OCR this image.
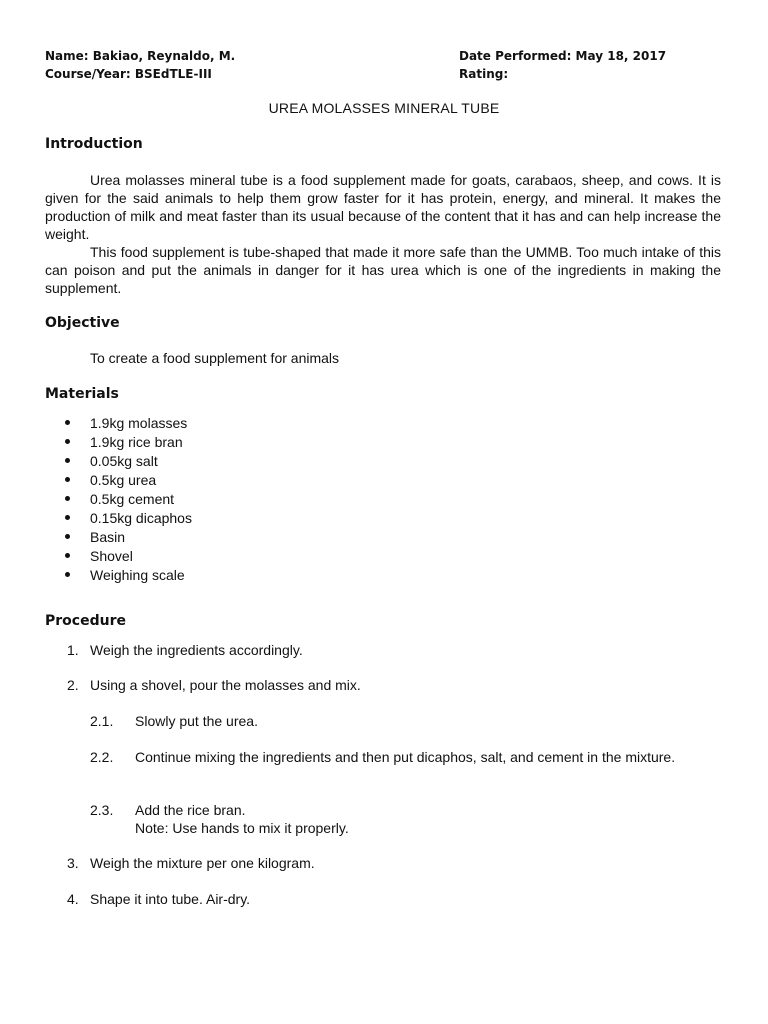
Name: Bakiao, Reynaldo, M.
Course/Year: BSEdTLE-III
Date Performed: May 18, 2017
Rating:
UREA MOLASSES MINERAL TUBE
Introduction
Urea molasses mineral tube is a food supplement made for goats, carabaos, sheep, and cows. It is given for the said animals to help them grow faster for it has protein, energy, and mineral. It makes the production of milk and meat faster than its usual because of the content that it has and can help increase the weight.
This food supplement is tube-shaped that made it more safe than the UMMB. Too much intake of this can poison and put the animals in danger for it has urea which is one of the ingredients in making the supplement.
Objective
To create a food supplement for animals
Materials
1.9kg molasses
1.9kg rice bran
0.05kg salt
0.5kg urea
0.5kg cement
0.15kg dicaphos
Basin
Shovel
Weighing scale
Procedure
1. Weigh the ingredients accordingly.
2. Using a shovel, pour the molasses and mix.
2.1. Slowly put the urea.
2.2. Continue mixing the ingredients and then put dicaphos, salt, and cement in the mixture.
2.3. Add the rice bran.
Note: Use hands to mix it properly.
3. Weigh the mixture per one kilogram.
4. Shape it into tube. Air-dry.
